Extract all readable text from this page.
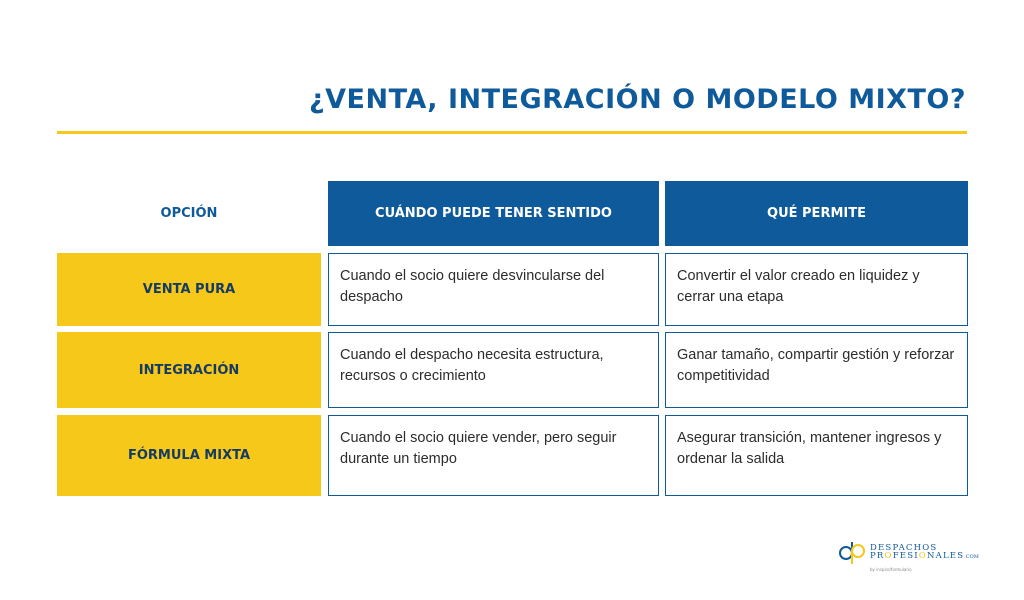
¿VENTA, INTEGRACIÓN O MODELO MIXTO?
OPCIÓN	CUÁNDO PUEDE TENER SENTIDO	QUÉ PERMITE
VENTA PURA
Cuando el socio quiere desvincularse del despacho
Convertir el valor creado en liquidez y cerrar una etapa
INTEGRACIÓN
Cuando el despacho necesita estructura, recursos o crecimiento
Ganar tamaño, compartir gestión y reforzar competitividad
FÓRMULA MIXTA
Cuando el socio quiere vender, pero seguir durante un tiempo
Asegurar transición, mantener ingresos y ordenar la salida
DESPACHOS
PROFESIONALES.COM
by inspiro/formulario
